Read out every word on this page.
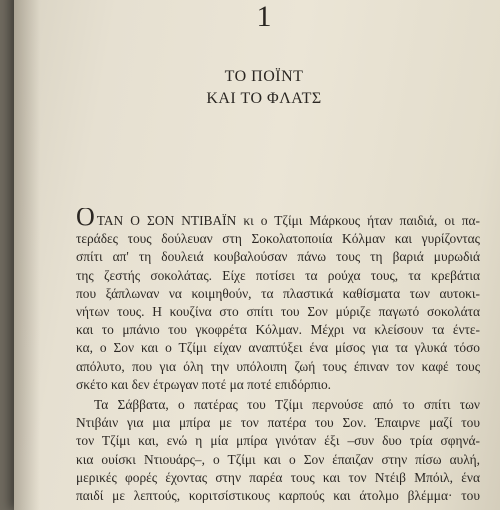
1
ΤΟ ΠΟΪΝΤ
ΚΑΙ ΤΟ ΦΛΑΤΣ
ΟΤΑΝ Ο ΣΟΝ ΝΤΙΒΑΪΝ κι ο Τζίμι Μάρκους ήταν παιδιά, οι πα-
τεράδες τους δούλευαν στη Σοκολατοποιία Κόλμαν και γυρίζοντας
σπίτι απ' τη δουλειά κουβαλούσαν πάνω τους τη βαριά μυρωδιά
της ζεστής σοκολάτας. Είχε ποτίσει τα ρούχα τους, τα κρεβάτια
που ξάπλωναν να κοιμηθούν, τα πλαστικά καθίσματα των αυτοκι-
νήτων τους. Η κουζίνα στο σπίτι του Σον μύριζε παγωτό σοκολάτα
και το μπάνιο του γκοφρέτα Κόλμαν. Μέχρι να κλείσουν τα έντε-
κα, ο Σον και ο Τζίμι είχαν αναπτύξει ένα μίσος για τα γλυκά τόσο
απόλυτο, που για όλη την υπόλοιπη ζωή τους έπιναν τον καφέ τους
σκέτο και δεν έτρωγαν ποτέ μα ποτέ επιδόρπιο.
Τα Σάββατα, ο πατέρας του Τζίμι περνούσε από το σπίτι των
Ντιβάιν για μια μπίρα με τον πατέρα του Σον. Έπαιρνε μαζί του
τον Τζίμι και, ενώ η μία μπίρα γινόταν έξι –συν δυο τρία σφηνά-
κια ουίσκι Ντιουάρς–, ο Τζίμι και ο Σον έπαιζαν στην πίσω αυλή,
μερικές φορές έχοντας στην παρέα τους και τον Ντέιβ Μπόιλ, ένα
παιδί με λεπτούς, κοριτσίστικους καρπούς και άτολμο βλέμμα· του
